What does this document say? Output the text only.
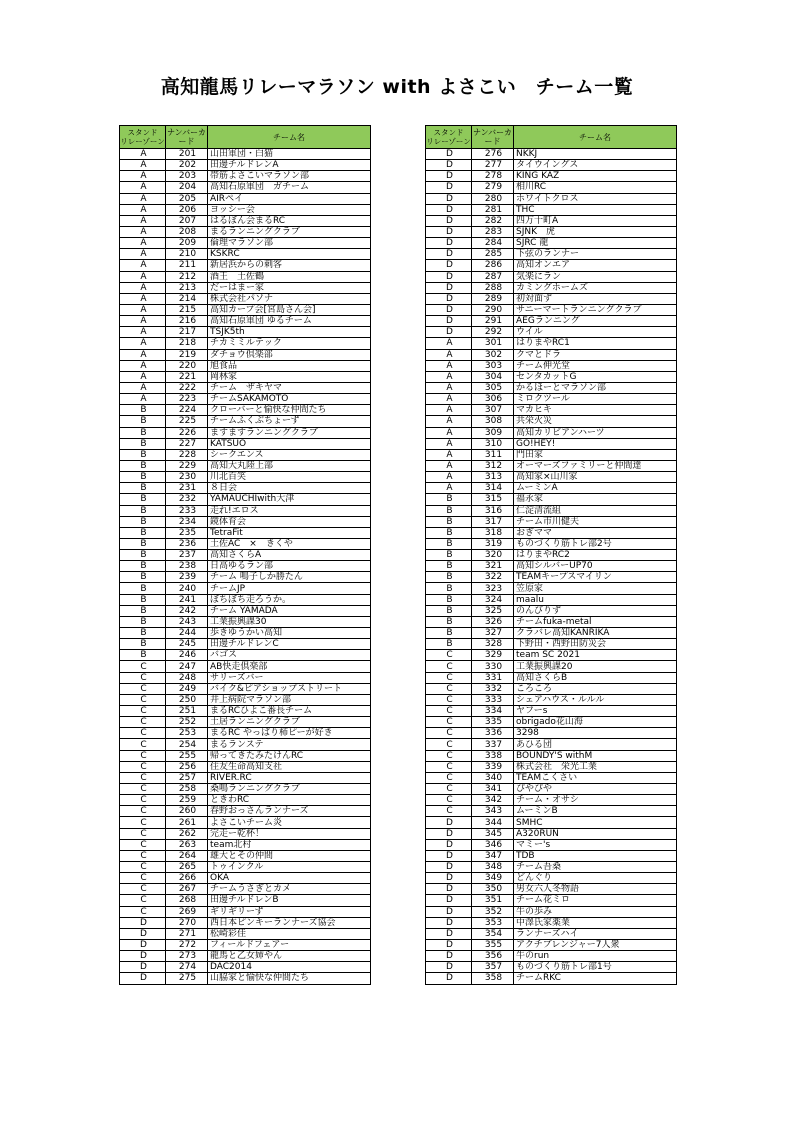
高知龍馬リレーマラソン with よさこい　チーム一覧
スタンド
リレーゾーン	ナンバーカード	チーム名
A	201	山田軍団・白猫
A	202	田邊チルドレンA
A	203	帯筋よさこいマラソン部
A	204	高知石原軍団　ガチーム
A	205	AIRペイ
A	206	ヨッシー会
A	207	はるぼん会まるRC
A	208	まるランニングクラブ
A	209	倫理マラソン部
A	210	KSKRC
A	211	新居浜からの刺客
A	212	酒王　土佐鶴
A	213	だーはまー家
A	214	株式会社パソナ
A	215	高知カープ会[宮島さん会]
A	216	高知石原軍団 ゆるチーム
A	217	TSJK5th
A	218	チカミミルテック
A	219	ダチョウ倶楽部
A	220	旭食品
A	221	岡林家
A	222	チーム　ザキヤマ
A	223	チームSAKAMOTO
B	224	クローバーと愉快な仲間たち
B	225	チームふくぶちょーず
B	226	ますますランニングクラブ
B	227	KATSUO
B	228	シークエンス
B	229	高知大丸陸上部
B	230	川北百笑
B	231	８日会
B	232	YAMAUCHIwith大津
B	233	走れ!エロス
B	234	鏡体育会
B	235	TetraFit
B	236	土佐AC　×　きくや
B	237	高知さくらA
B	238	日高ゆるラン部
B	239	チーム 鳴子しか勝たん
B	240	チームJP
B	241	ぼちぼち走ろうか。
B	242	チーム YAMADA
B	243	工業振興課30
B	244	歩きゆうかい高知
B	245	田邊チルドレンC
B	246	バゴス
C	247	AB快走倶楽部
C	248	サリーズバー
C	249	バイク&ピアショップストリート
C	250	井上病院マラソン部
C	251	まるRCひよこ番長チーム
C	252	土居ランニングクラブ
C	253	まるRC やっぱり柿ピーが好き
C	254	まるランステ
C	255	帰ってきたみたけんRC
C	256	住友生命高知支社
C	257	RIVER.RC
C	258	桑鳴ランニングクラブ
C	259	ときわRC
C	260	春野おっさんランナーズ
C	261	よさこいチーム炎
C	262	完走ー乾杯！
C	263	team北村
C	264	雄大とその仲間
C	265	トゥインクル
C	266	OKA
C	267	チームうさぎとカメ
C	268	田邊チルドレンB
C	269	ギリギリーず
D	270	西日本ピンキーランナーズ協会
D	271	松崎彩佳
D	272	フィールドフェアー
D	273	龍馬と乙女姉やん
D	274	DAC2014
D	275	山脇家と愉快な仲間たち
スタンド
リレーゾーン	ナンバーカード	チーム名
D	276	NKKJ
D	277	タイウイングス
D	278	KING KAZ
D	279	相川RC
D	280	ホワイトクロス
D	281	THC
D	282	四万十町A
D	283	SJNK　虎
D	284	SJRC 龍
D	285	下弦のランナー
D	286	高知オンエア
D	287	気楽にラン
D	288	カミングホームズ
D	289	初対面ず
D	290	サニーマートランニングクラブ
D	291	AEGランニング
D	292	ウイル
A	301	はりまやRC1
A	302	クマとドラ
A	303	チーム伸光堂
A	304	センタカットG
A	305	かるほーとマラソン部
A	306	ミロクツール
A	307	マカヒキ
A	308	共栄火災
A	309	高知カリビアンハーツ
A	310	GO!HEY!
A	311	門田家
A	312	オーマーズファミリーと仲間達
A	313	高知家×山川家
A	314	ムーミンA
B	315	福永家
B	316	仁淀清流組
B	317	チーム市川健夫
B	318	おぎママ
B	319	ものづくり筋トレ部2号
B	320	はりまやRC2
B	321	高知シルバーUP70
B	322	TEAMキープスマイリン
B	323	笠原家
B	324	maalu
B	325	のんびりず
B	326	チームfuka-metal
B	327	クラバレ高知KANRIKA
B	328	下野田・西野田防災会
C	329	team SC 2021
C	330	工業振興課20
C	331	高知さくらB
C	332	ころころ
C	333	シェアハウス・ルルル
C	334	ヤフーs
C	335	obrigado花山海
C	336	3298
C	337	あひる団
C	338	BOUNDY'S withM
C	339	株式会社　栄光工業
C	340	TEAMこくさい
C	341	ぴやぴや
C	342	チーム・オサシ
C	343	ムーミンB
D	344	SMHC
D	345	A320RUN
D	346	マミー's
D	347	TDB
D	348	チーム吾桑
D	349	どんぐり
D	350	男女六人冬物語
D	351	チーム花ミロ
D	352	牛の歩み
D	353	中澤氏家薬業
D	354	ランナーズハイ
D	355	アクチブレンジャー7人衆
D	356	牛のrun
D	357	ものづくり筋トレ部1号
D	358	チームRKC
